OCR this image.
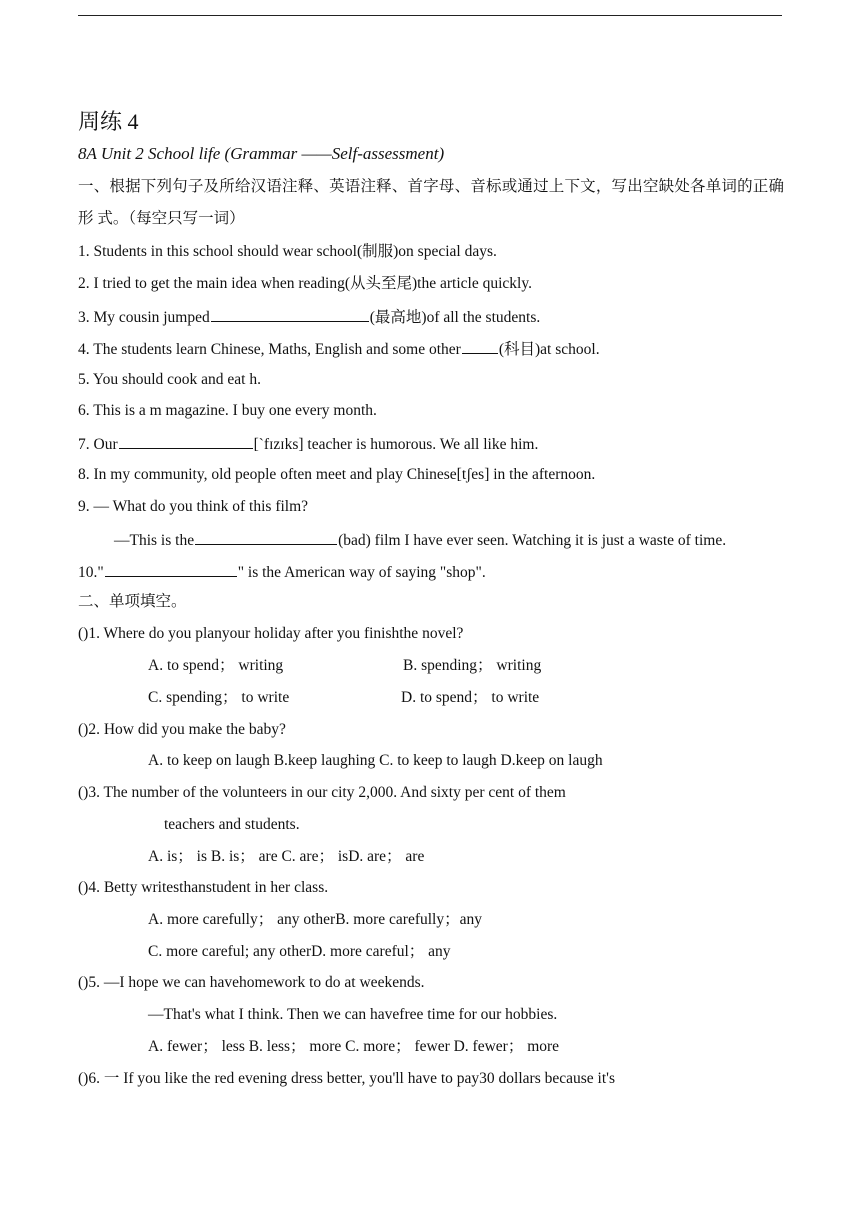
周练 4
8A Unit 2 School life (Grammar ——Self-assessment)
一、根据下列句子及所给汉语注释、英语注释、首字母、音标或通过上下文，写出空缺处各单词的正确形 式。（每空只写一词）
1. Students in this school should wear school(制服)on special days.
2. I tried to get the main idea when reading(从头至尾)the article quickly.
3. My cousin jumped	(最高地)of all the students.
4. The students learn Chinese, Maths, English and some other (科目)at school.
5. You should cook and eat h.
6. This is a m magazine. I buy one every month.
7. Our	[`fɪzɪks] teacher is humorous. We all like him.
8. In my community, old people often meet and play Chinese[tʃes] in the afternoon.
9. — What do you think of this film?
—This is the	(bad) film I have ever seen. Watching it is just a waste of time.
10."	" is the American way of saying "shop".
二、单项填空。
()1. Where do you planyour holiday after you finishthe novel?
A. to spend； writing	B. spending； writing
C. spending； to write	D. to spend； to write
()2. How did you make the baby?
A. to keep on laugh B.keep laughing C. to keep to laugh D.keep on laugh
()3. The number of the volunteers in our city 2,000. And sixty per cent of them
teachers and students.
A. is； is B. is； are C. are； isD. are； are
()4. Betty writesthanstudent in her class.
A. more carefully； any otherB. more carefully；any
C. more careful; any otherD. more careful； any
()5. —I hope we can havehomework to do at weekends.
—That's what I think. Then we can havefree time for our hobbies.
A. fewer； less B. less； more C. more； fewer D. fewer； more
()6. 一 If you like the red evening dress better, you'll have to pay30 dollars because it's
